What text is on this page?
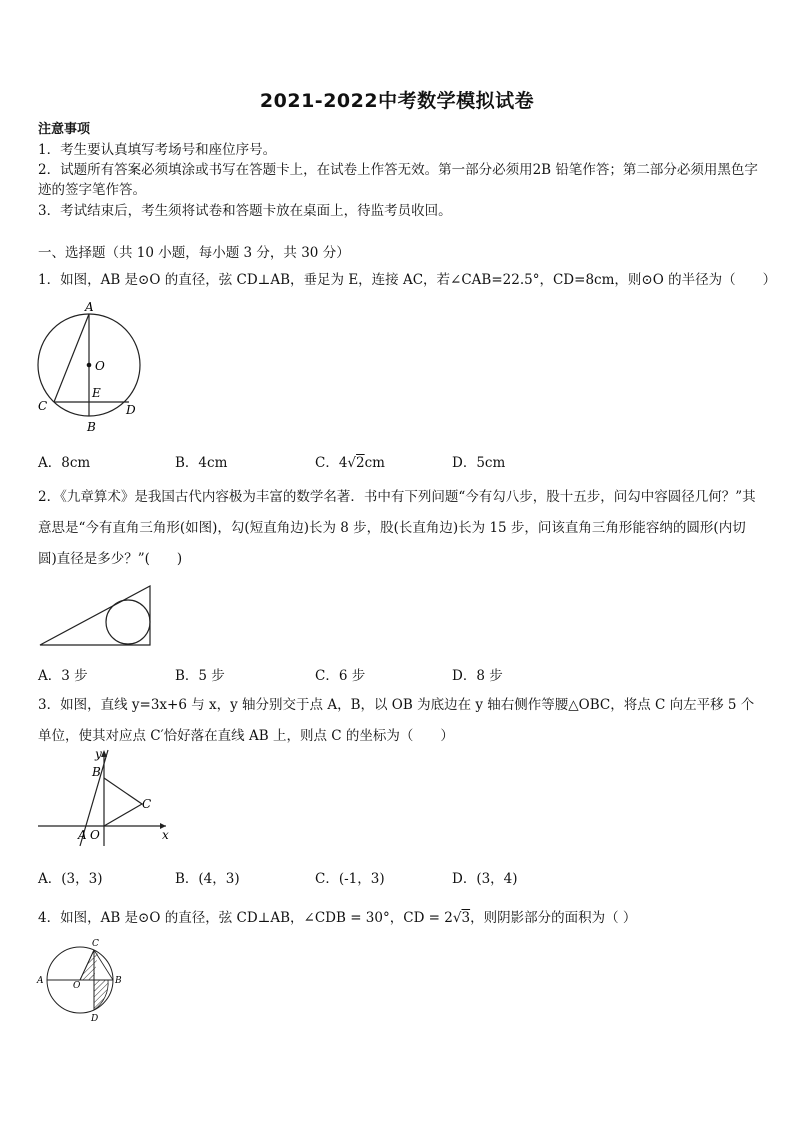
2021-2022中考数学模拟试卷
注意事项
1．考生要认真填写考场号和座位序号。
2．试题所有答案必须填涂或书写在答题卡上，在试卷上作答无效。第一部分必须用2B 铅笔作答；第二部分必须用黑色字迹的签字笔作答。
3．考试结束后，考生须将试卷和答题卡放在桌面上，待监考员收回。
一、选择题（共 10 小题，每小题 3 分，共 30 分）
1．如图，AB 是⊙O 的直径，弦 CD⊥AB，垂足为 E，连接 AC，若∠CAB=22.5°，CD=8cm，则⊙O 的半径为（　　）
A
O
E
C	D
B
A．8cm	B．4cm	C．4√2cm	D．5cm
2．《九章算术》是我国古代内容极为丰富的数学名著．书中有下列问题“今有勾八步，股十五步，问勾中容圆径几何？”其意思是“今有直角三角形(如图)，勾(短直角边)长为 8 步，股(长直角边)长为 15 步，问该直角三角形能容纳的圆形(内切圆)直径是多少？”(　　)
A．3 步	B．5 步	C．6 步	D．8 步
3．如图，直线 y=3x+6 与 x，y 轴分别交于点 A，B，以 OB 为底边在 y 轴右侧作等腰△OBC，将点 C 向左平移 5 个单位，使其对应点 C′恰好落在直线 AB 上，则点 C 的坐标为（　　）
y
B
C
A O	x
A．(3，3)	B．(4，3)	C．(-1，3)	D．(3，4)
4．如图，AB 是⊙O 的直径，弦 CD⊥AB，∠CDB = 30°，CD = 2√3，则阴影部分的面积为（ ）
C
A	O	B
D
